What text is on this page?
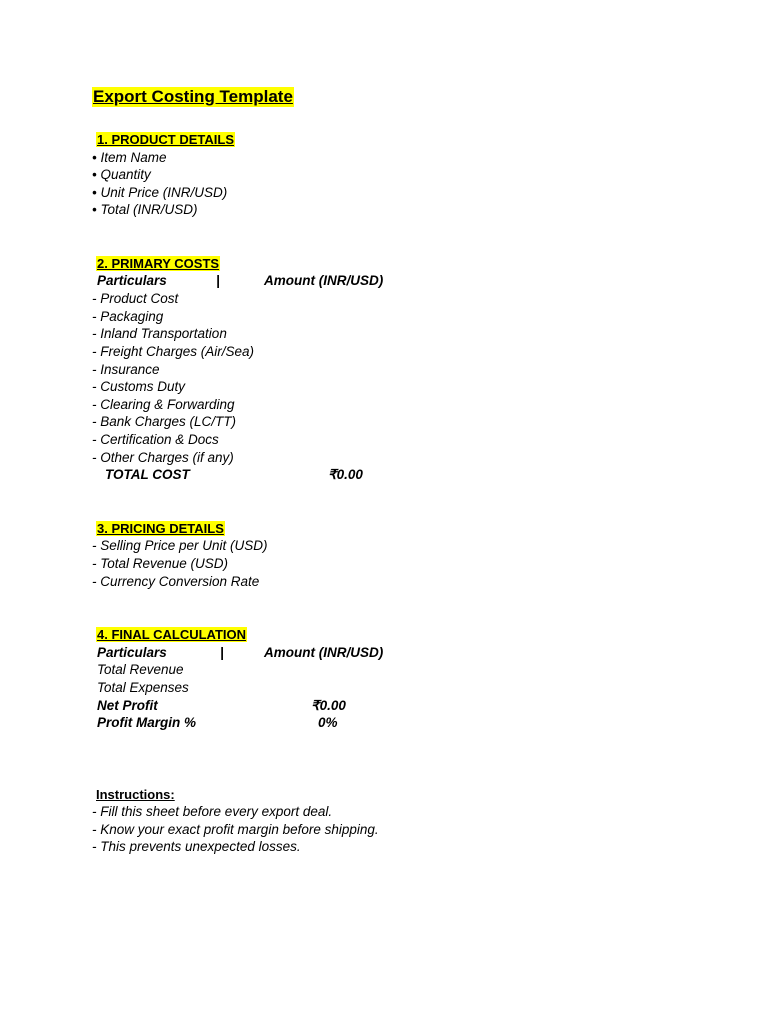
Export Costing Template
1. PRODUCT DETAILS
• Item Name
• Quantity
• Unit Price (INR/USD)
• Total (INR/USD)
2. PRIMARY COSTS
Particulars	|	Amount (INR/USD)
- Product Cost
- Packaging
- Inland Transportation
- Freight Charges (Air/Sea)
- Insurance
- Customs Duty
- Clearing & Forwarding
- Bank Charges (LC/TT)
- Certification & Docs
- Other Charges (if any)
TOTAL COST	₹0.00
3. PRICING DETAILS
- Selling Price per Unit (USD)
- Total Revenue (USD)
- Currency Conversion Rate
4. FINAL CALCULATION
Particulars	|	Amount (INR/USD)
Total Revenue
Total Expenses
Net Profit	₹0.00
Profit Margin %	0%
Instructions:
- Fill this sheet before every export deal.
- Know your exact profit margin before shipping.
- This prevents unexpected losses.
